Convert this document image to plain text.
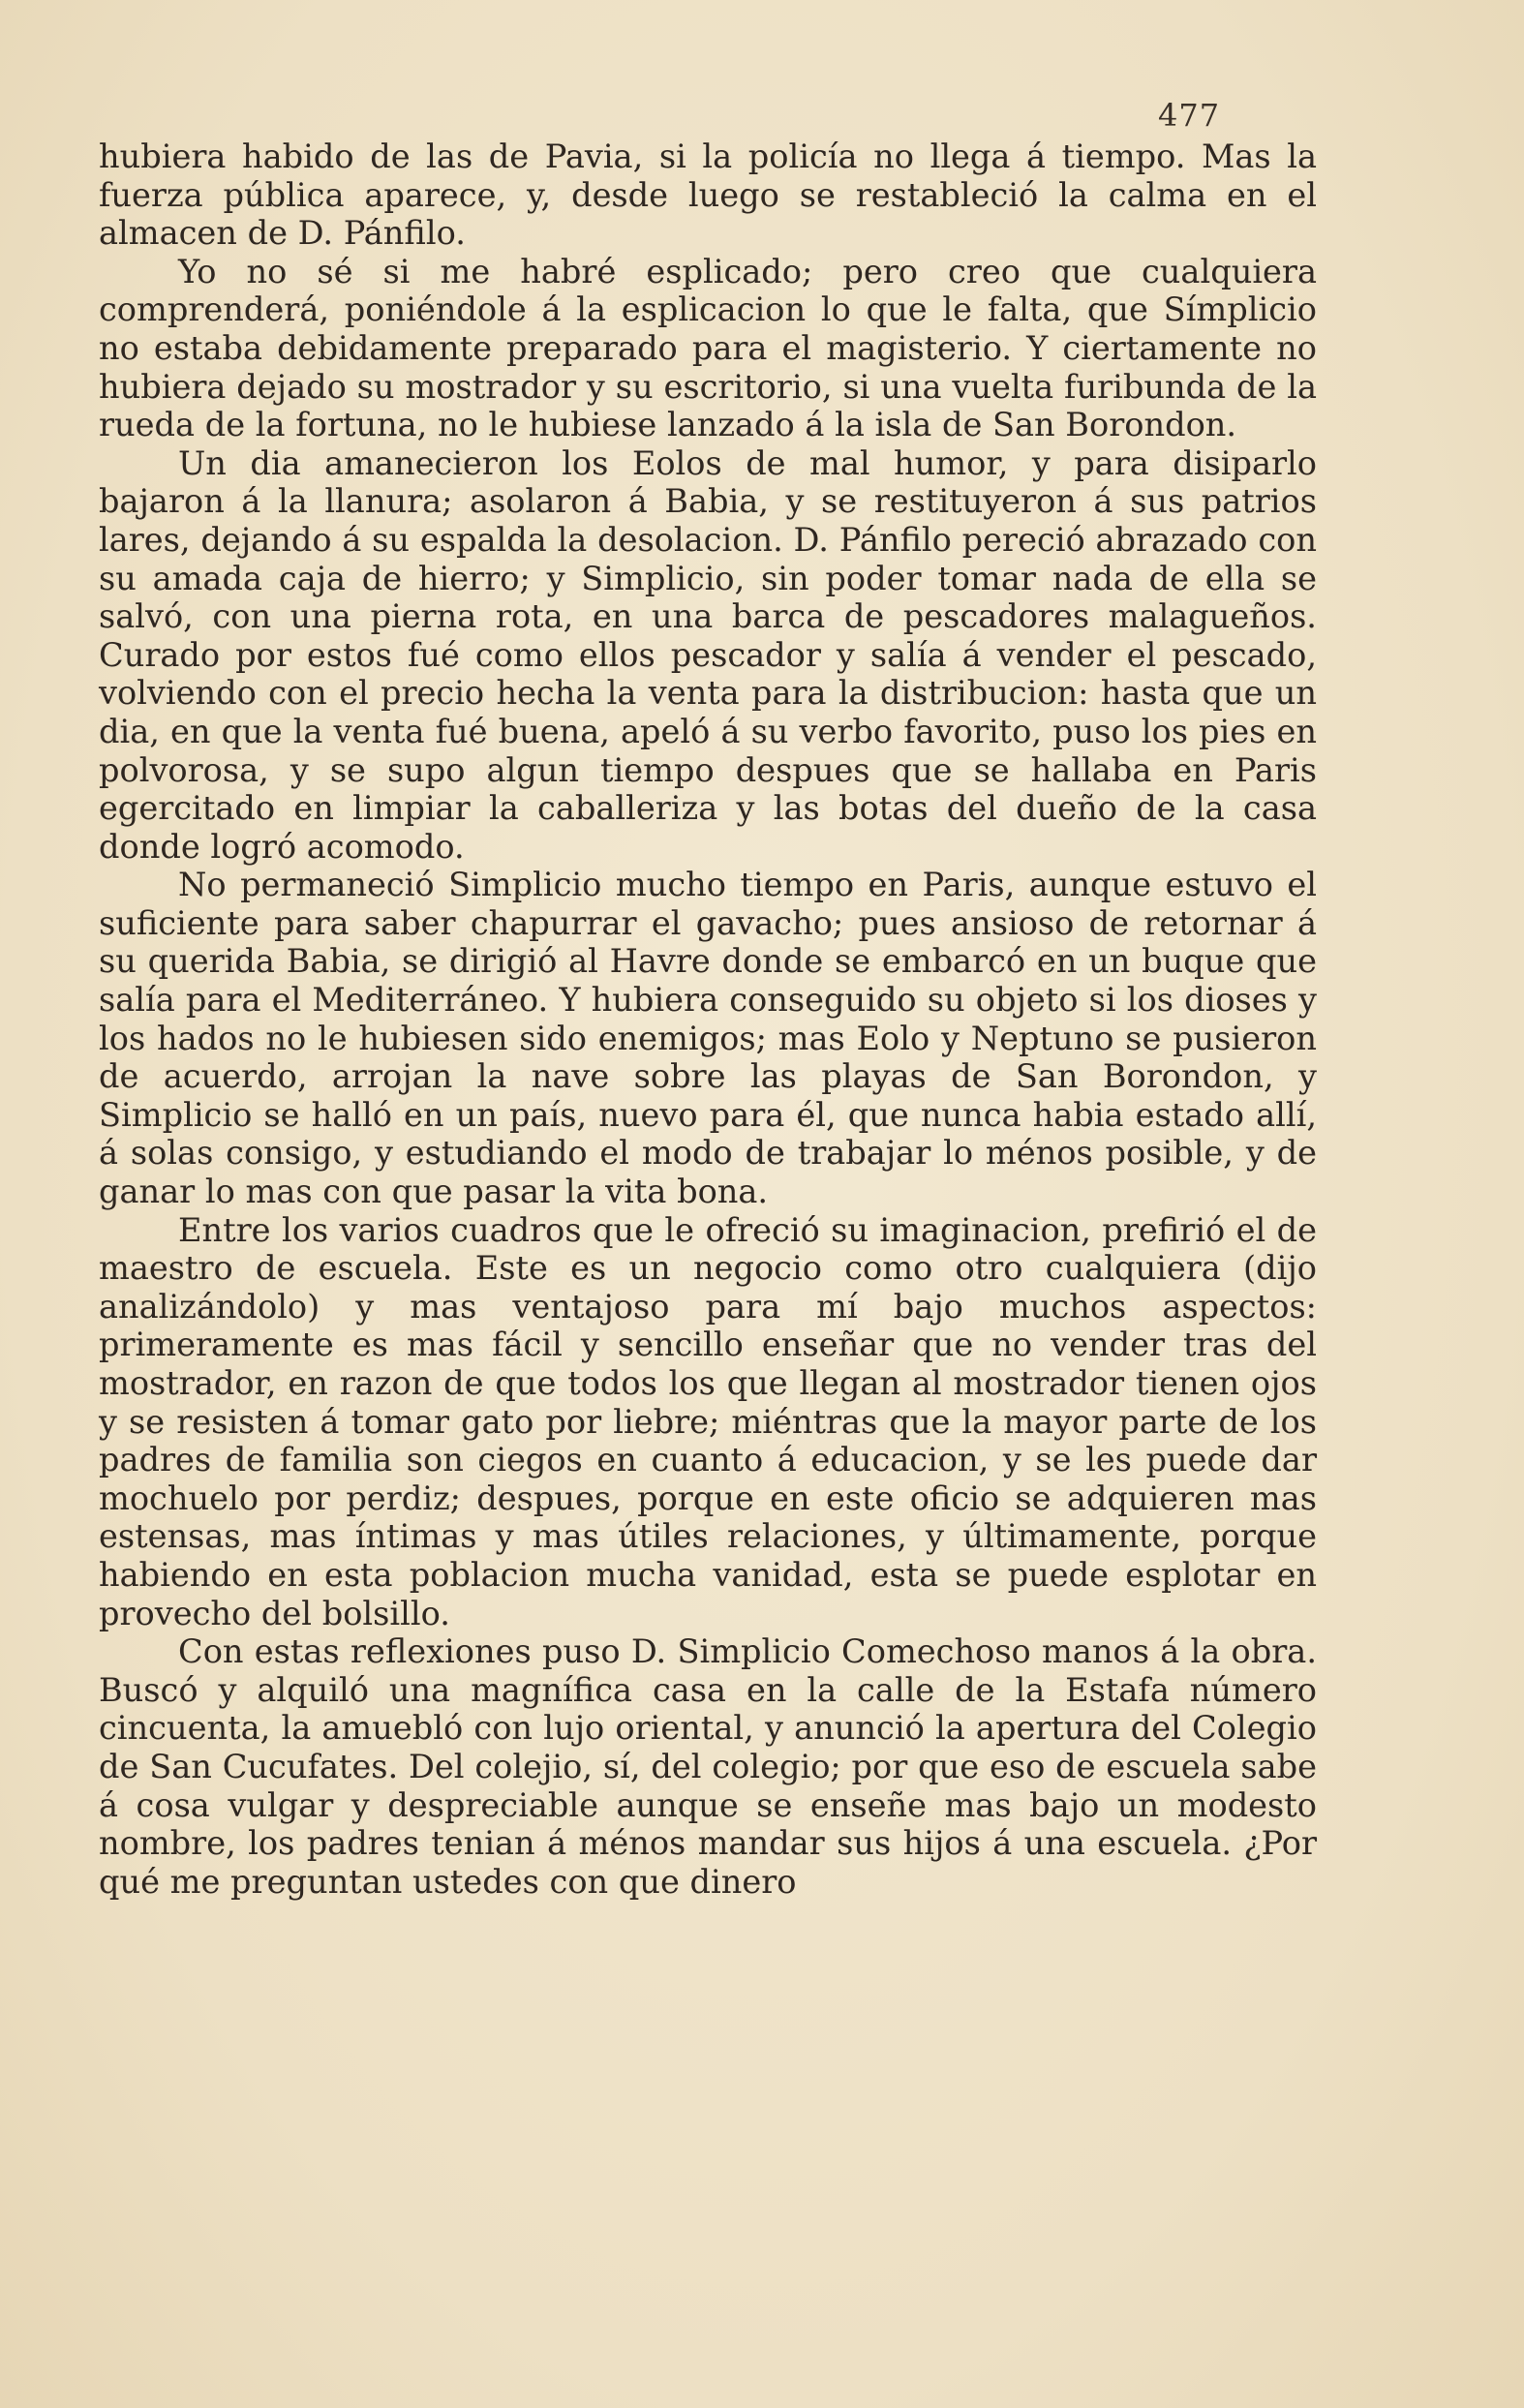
477

hubiera habido de las de Pavia, si la policía no llega á tiempo. Mas la fuerza pública aparece, y, desde luego se restableció la calma en el almacen de D. Pánfilo.

Yo no sé si me habré esplicado; pero creo que cualquiera comprenderá, poniéndole á la esplicacion lo que le falta, que Símplicio no estaba debidamente preparado para el magisterio. Y ciertamente no hubiera dejado su mostrador y su escritorio, si una vuelta furibunda de la rueda de la fortuna, no le hubiese lanzado á la isla de San Borondon.

Un dia amanecieron los Eolos de mal humor, y para disiparlo bajaron á la llanura; asolaron á Babia, y se restituyeron á sus patrios lares, dejando á su espalda la desolacion. D. Pánfilo pereció abrazado con su amada caja de hierro; y Simplicio, sin poder tomar nada de ella se salvó, con una pierna rota, en una barca de pescadores malagueños. Curado por estos fué como ellos pescador y salía á vender el pescado, volviendo con el precio hecha la venta para la distribucion: hasta que un dia, en que la venta fué buena, apeló á su verbo favorito, puso los pies en polvorosa, y se supo algun tiempo despues que se hallaba en Paris egercitado en limpiar la caballeriza y las botas del dueño de la casa donde logró acomodo.

No permaneció Simplicio mucho tiempo en Paris, aunque estuvo el suficiente para saber chapurrar el gavacho; pues ansioso de retornar á su querida Babia, se dirigió al Havre donde se embarcó en un buque que salía para el Mediterráneo. Y hubiera conseguido su objeto si los dioses y los hados no le hubiesen sido enemigos; mas Eolo y Neptuno se pusieron de acuerdo, arrojan la nave sobre las playas de San Borondon, y Simplicio se halló en un país, nuevo para él, que nunca habia estado allí, á solas consigo, y estudiando el modo de trabajar lo ménos posible, y de ganar lo mas con que pasar la vita bona.

Entre los varios cuadros que le ofreció su imaginacion, prefirió el de maestro de escuela. Este es un negocio como otro cualquiera (dijo analizándolo) y mas ventajoso para mí bajo muchos aspectos: primeramente es mas fácil y sencillo enseñar que no vender tras del mostrador, en razon de que todos los que llegan al mostrador tienen ojos y se resisten á tomar gato por liebre; miéntras que la mayor parte de los padres de familia son ciegos en cuanto á educacion, y se les puede dar mochuelo por perdiz; despues, porque en este oficio se adquieren mas estensas, mas íntimas y mas útiles relaciones, y últimamente, porque habiendo en esta poblacion mucha vanidad, esta se puede esplotar en provecho del bolsillo.

Con estas reflexiones puso D. Simplicio Comechoso manos á la obra. Buscó y alquiló una magnífica casa en la calle de la Estafa número cincuenta, la amuebló con lujo oriental, y anunció la apertura del Colegio de San Cucufates. Del colejio, sí, del colegio; por que eso de escuela sabe á cosa vulgar y despreciable aunque se enseñe mas bajo un modesto nombre, los padres tenian á ménos mandar sus hijos á una escuela. ¿Por qué me preguntan ustedes con que dinero
